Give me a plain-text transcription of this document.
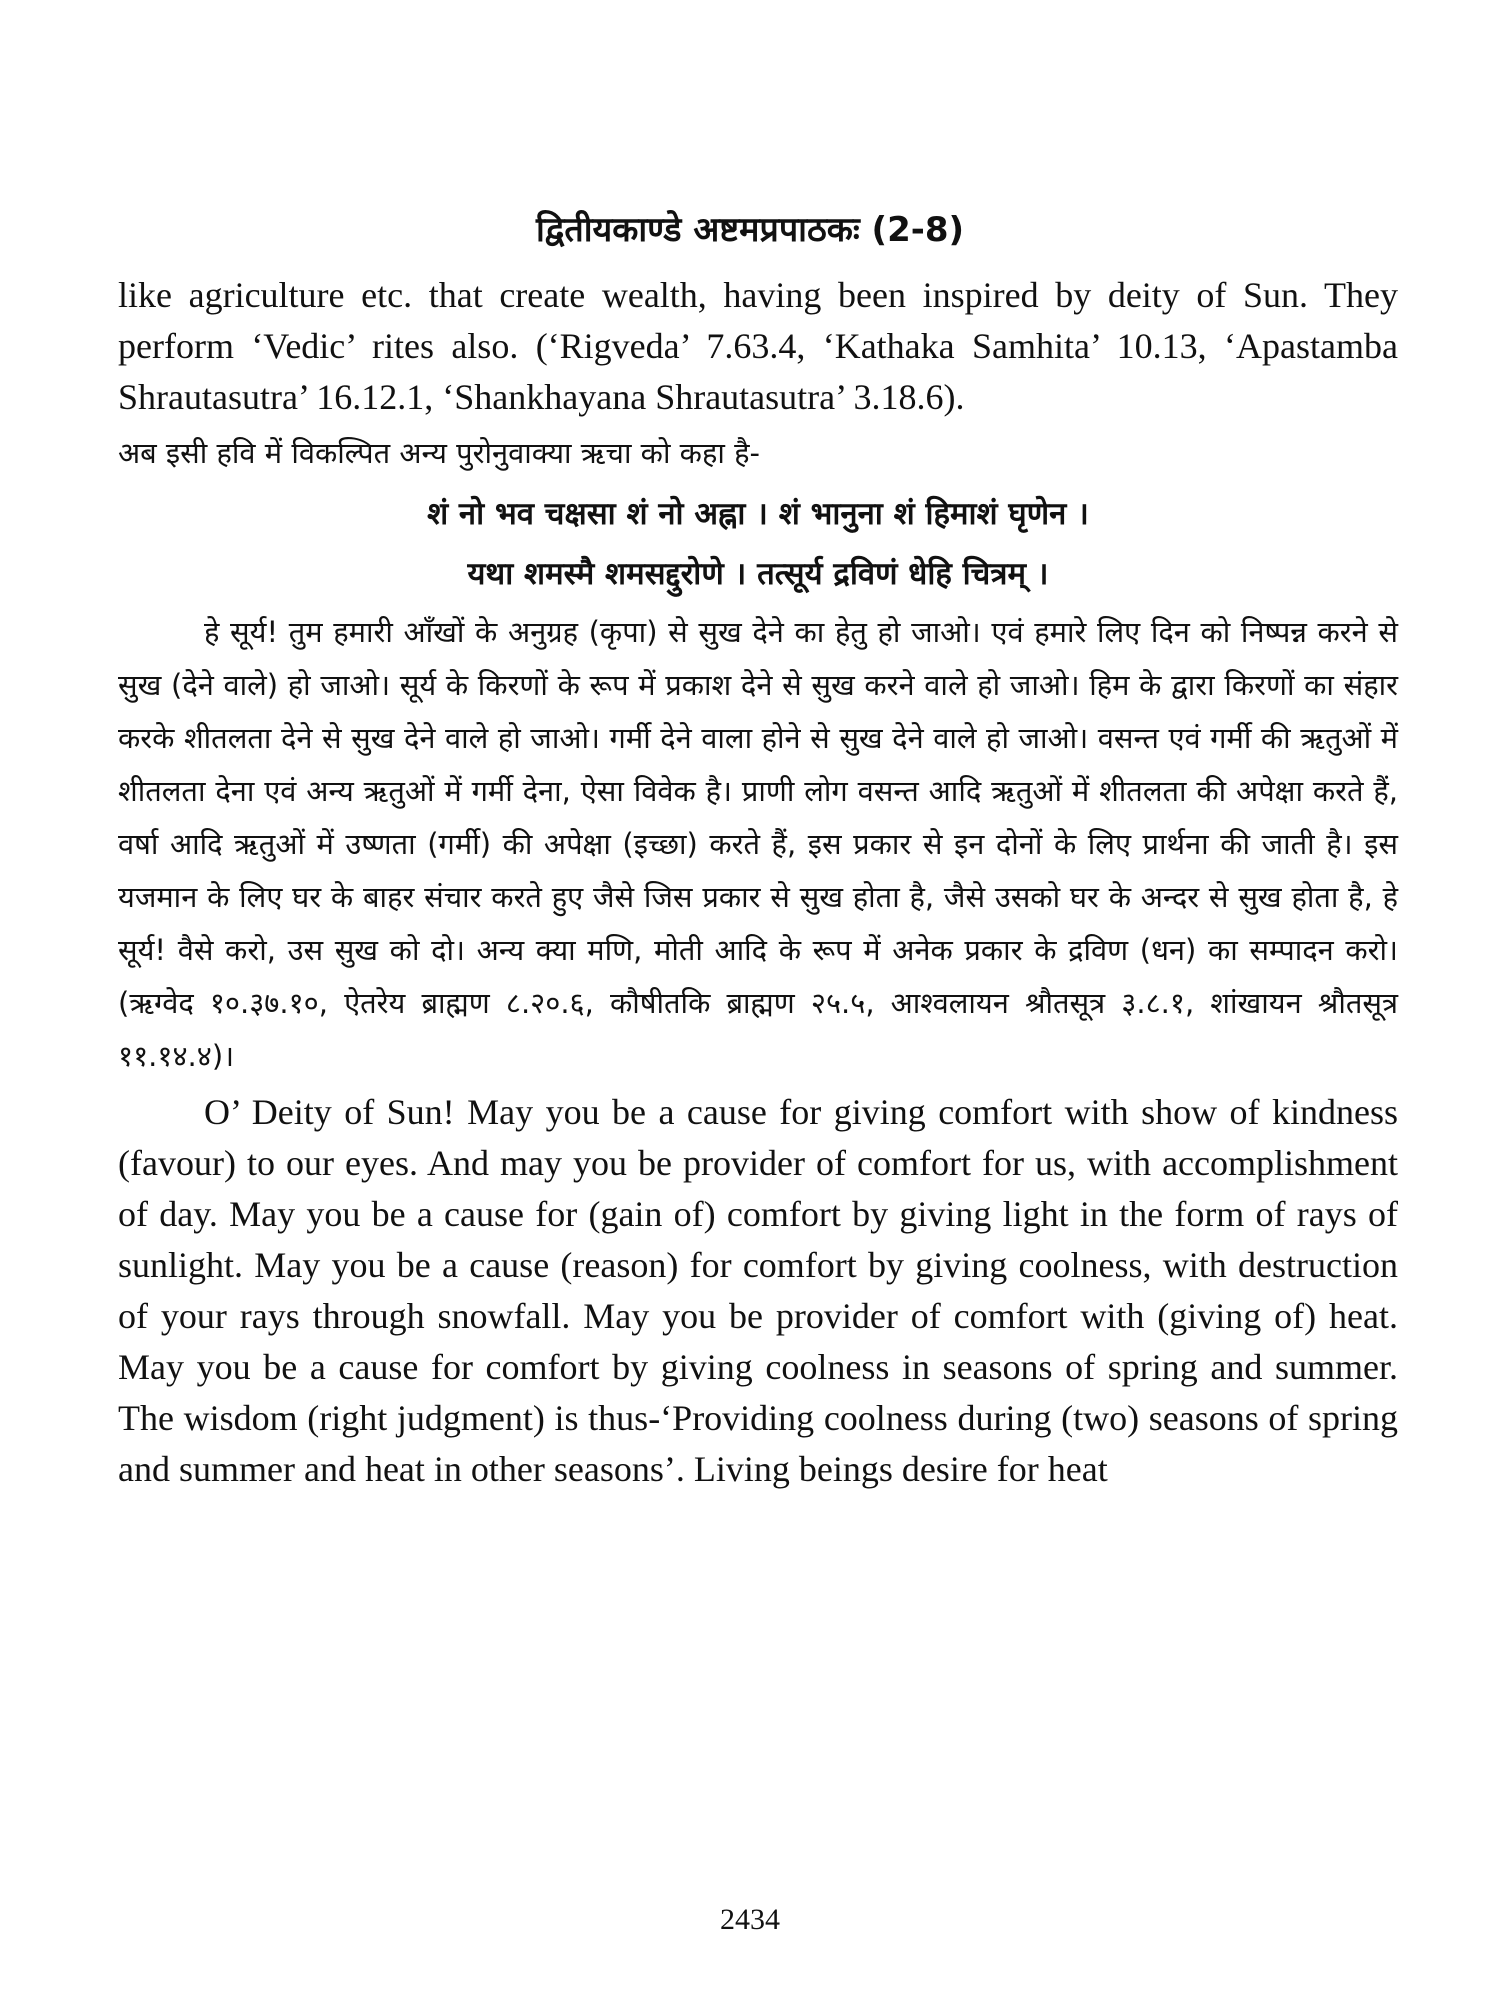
द्वितीयकाण्डे अष्टमप्रपाठकः (2-8)

like agriculture etc. that create wealth, having been inspired by deity of Sun. They perform ‘Vedic’ rites also. (‘Rigveda’ 7.63.4, ‘Kathaka Samhita’ 10.13, ‘Apastamba Shrautasutra’ 16.12.1, ‘Shankhayana Shrautasutra’ 3.18.6).

अब इसी हवि में विकल्पित अन्य पुरोनुवाक्या ऋचा को कहा है-

शं नो भव चक्षसा शं नो अह्ना । शं भानुना शं हिमाशं घृणेन ।

यथा शमस्मै शमसद्दुरोणे । तत्सूर्य द्रविणं धेहि चित्रम् ।

हे सूर्य! तुम हमारी आँखों के अनुग्रह (कृपा) से सुख देने का हेतु हो जाओ। एवं हमारे लिए दिन को निष्पन्न करने से सुख (देने वाले) हो जाओ। सूर्य के किरणों के रूप में प्रकाश देने से सुख करने वाले हो जाओ। हिम के द्वारा किरणों का संहार करके शीतलता देने से सुख देने वाले हो जाओ। गर्मी देने वाला होने से सुख देने वाले हो जाओ। वसन्त एवं गर्मी की ऋतुओं में शीतलता देना एवं अन्य ऋतुओं में गर्मी देना, ऐसा विवेक है। प्राणी लोग वसन्त आदि ऋतुओं में शीतलता की अपेक्षा करते हैं, वर्षा आदि ऋतुओं में उष्णता (गर्मी) की अपेक्षा (इच्छा) करते हैं, इस प्रकार से इन दोनों के लिए प्रार्थना की जाती है। इस यजमान के लिए घर के बाहर संचार करते हुए जैसे जिस प्रकार से सुख होता है, जैसे उसको घर के अन्दर से सुख होता है, हे सूर्य! वैसे करो, उस सुख को दो। अन्य क्या मणि, मोती आदि के रूप में अनेक प्रकार के द्रविण (धन) का सम्पादन करो। (ऋग्वेद १०.३७.१०, ऐतरेय ब्राह्मण ८.२०.६, कौषीतकि ब्राह्मण २५.५, आश्वलायन श्रौतसूत्र ३.८.१, शांखायन श्रौतसूत्र ११.१४.४)।

O’ Deity of Sun! May you be a cause for giving comfort with show of kindness (favour) to our eyes. And may you be provider of comfort for us, with accomplishment of day. May you be a cause for (gain of) comfort by giving light in the form of rays of sunlight. May you be a cause (reason) for comfort by giving coolness, with destruction of your rays through snowfall. May you be provider of comfort with (giving of) heat. May you be a cause for comfort by giving coolness in seasons of spring and summer. The wisdom (right judgment) is thus-‘Providing coolness during (two) seasons of spring and summer and heat in other seasons’. Living beings desire for heat

2434
